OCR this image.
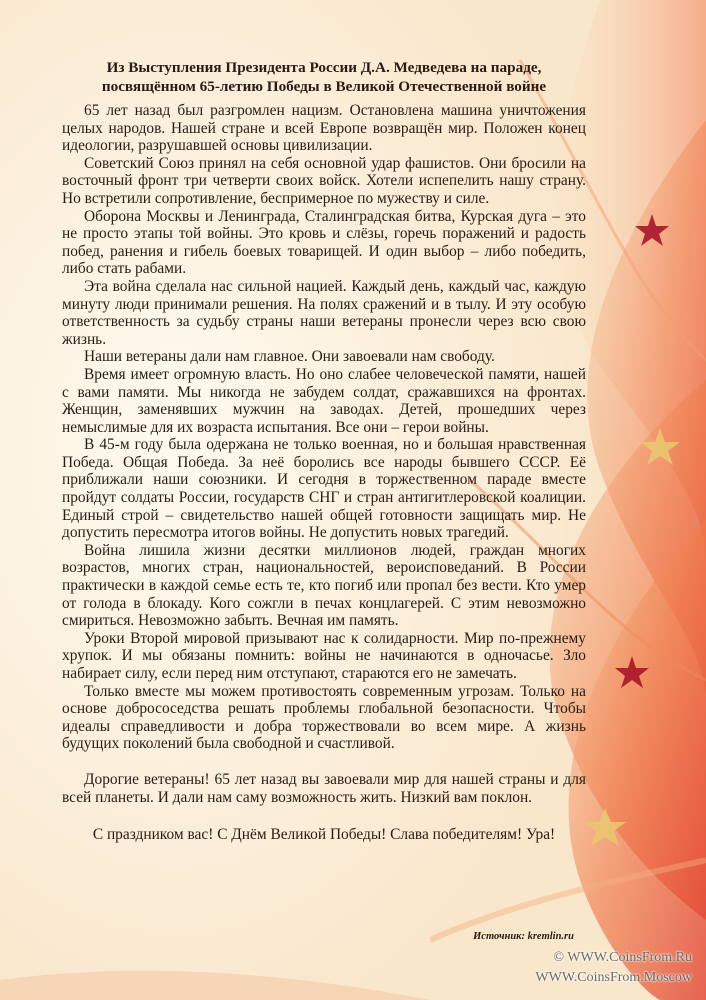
Из Выступления Президента России Д.А. Медведева на параде,
посвящённом 65-летию Победы в Великой Отечественной войне

65 лет назад был разгромлен нацизм. Остановлена машина уничтожения целых народов. Нашей стране и всей Европе возвращён мир. Положен конец идеологии, разрушавшей основы цивилизации.

Советский Союз принял на себя основной удар фашистов. Они бросили на восточный фронт три четверти своих войск. Хотели испепелить нашу страну. Но встретили сопротивление, беспримерное по мужеству и силе.

Оборона Москвы и Ленинграда, Сталинградская битва, Курская дуга – это не просто этапы той войны. Это кровь и слёзы, горечь поражений и радость побед, ранения и гибель боевых товарищей. И один выбор – либо победить, либо стать рабами.

Эта война сделала нас сильной нацией. Каждый день, каждый час, каждую минуту люди принимали решения. На полях сражений и в тылу. И эту особую ответственность за судьбу страны наши ветераны пронесли через всю свою жизнь.

Наши ветераны дали нам главное. Они завоевали нам свободу.

Время имеет огромную власть. Но оно слабее человеческой памяти, нашей с вами памяти. Мы никогда не забудем солдат, сражавшихся на фронтах. Женщин, заменявших мужчин на заводах. Детей, прошедших через немыслимые для их возраста испытания. Все они – герои войны.

В 45-м году была одержана не только военная, но и большая нравственная Победа. Общая Победа. За неё боролись все народы бывшего СССР. Её приближали наши союзники. И сегодня в торжественном параде вместе пройдут солдаты России, государств СНГ и стран антигитлеровской коалиции. Единый строй – свидетельство нашей общей готовности защищать мир. Не допустить пересмотра итогов войны. Не допустить новых трагедий.

Война лишила жизни десятки миллионов людей, граждан многих возрастов, многих стран, национальностей, вероисповеданий. В России практически в каждой семье есть те, кто погиб или пропал без вести. Кто умер от голода в блокаду. Кого сожгли в печах концлагерей. С этим невозможно смириться. Невозможно забыть. Вечная им память.

Уроки Второй мировой призывают нас к солидарности. Мир по-прежнему хрупок. И мы обязаны помнить: войны не начинаются в одночасье. Зло набирает силу, если перед ним отступают, стараются его не замечать.

Только вместе мы можем противостоять современным угрозам. Только на основе добрососедства решать проблемы глобальной безопасности. Чтобы идеалы справедливости и добра торжествовали во всем мире. А жизнь будущих поколений была свободной и счастливой.

Дорогие ветераны! 65 лет назад вы завоевали мир для нашей страны и для всей планеты. И дали нам саму возможность жить. Низкий вам поклон.

С праздником вас! С Днём Великой Победы! Слава победителям! Ура!
Источник: kremlin.ru
© WWW.CoinsFrom.Ru
WWW.CoinsFrom.Moscow
